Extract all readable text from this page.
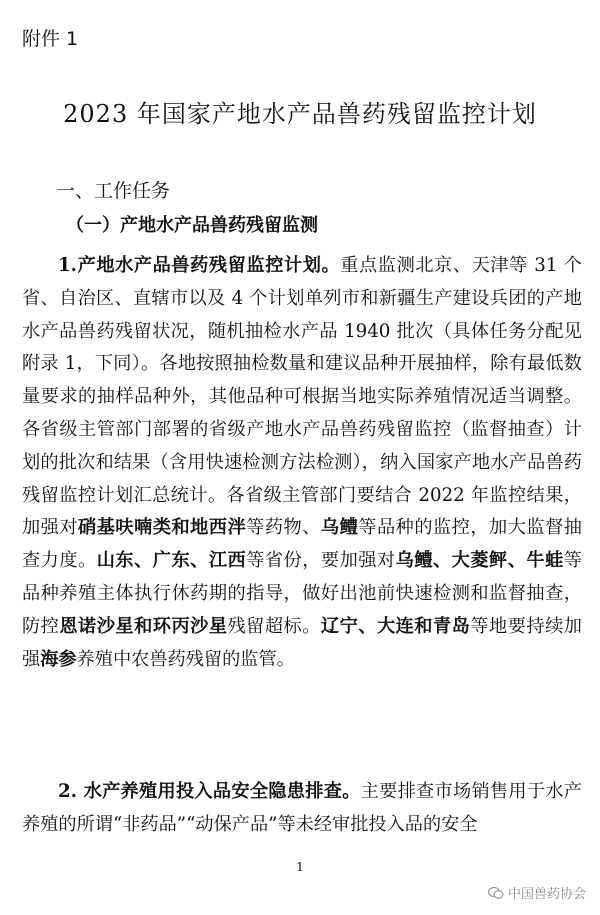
附件 1
2023 年国家产地水产品兽药残留监控计划
一、工作任务
（一）产地水产品兽药残留监测
1.产地水产品兽药残留监控计划。重点监测北京、天津等 31 个省、自治区、直辖市以及 4 个计划单列市和新疆生产建设兵团的产地水产品兽药残留状况，随机抽检水产品 1940 批次（具体任务分配见附录 1，下同）。各地按照抽检数量和建议品种开展抽样，除有最低数量要求的抽样品种外，其他品种可根据当地实际养殖情况适当调整。各省级主管部门部署的省级产地水产品兽药残留监控（监督抽查）计划的批次和结果（含用快速检测方法检测），纳入国家产地水产品兽药残留监控计划汇总统计。各省级主管部门要结合 2022 年监控结果，加强对硝基呋喃类和地西泮等药物、乌鳢等品种的监控，加大监督抽查力度。山东、广东、江西等省份，要加强对乌鳢、大菱鲆、牛蛙等品种养殖主体执行休药期的指导，做好出池前快速检测和监督抽查，防控恩诺沙星和环丙沙星残留超标。辽宁、大连和青岛等地要持续加强海参养殖中农兽药残留的监管。
2. 水产养殖用投入品安全隐患排查。主要排查市场销售用于水产养殖的所谓“非药品”“动保产品”等未经审批投入品的安全
1
中国兽药协会
